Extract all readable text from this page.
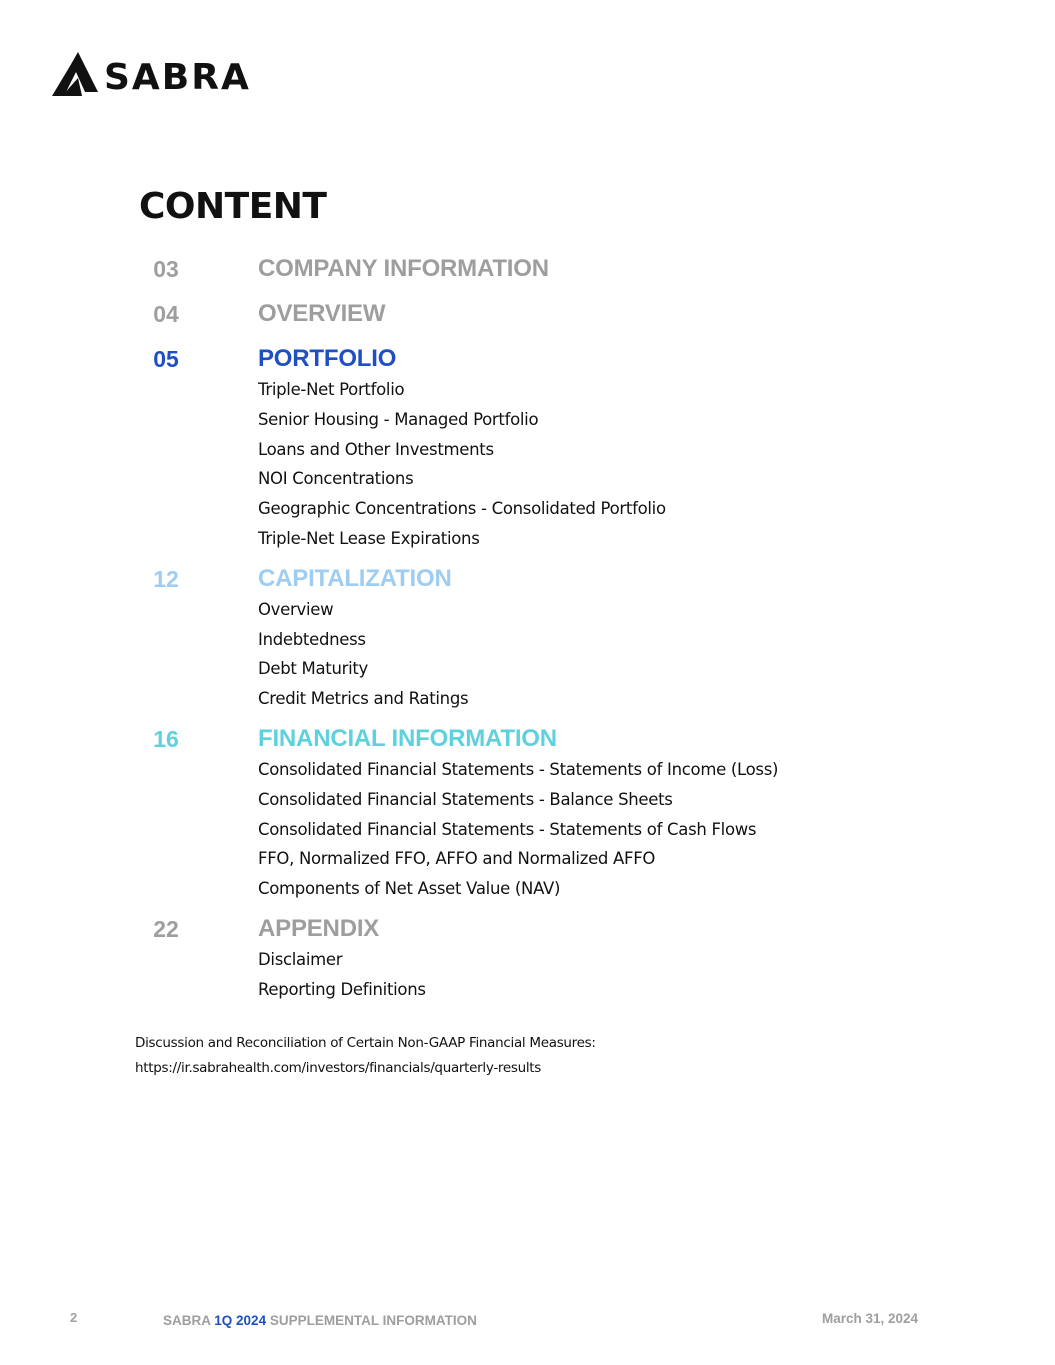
SABRA
CONTENT
03	COMPANY INFORMATION
04	OVERVIEW
05	PORTFOLIO
Triple-Net Portfolio
Senior Housing - Managed Portfolio
Loans and Other Investments
NOI Concentrations
Geographic Concentrations - Consolidated Portfolio
Triple-Net Lease Expirations
12	CAPITALIZATION
Overview
Indebtedness
Debt Maturity
Credit Metrics and Ratings
16	FINANCIAL INFORMATION
Consolidated Financial Statements - Statements of Income (Loss)
Consolidated Financial Statements - Balance Sheets
Consolidated Financial Statements - Statements of Cash Flows
FFO, Normalized FFO, AFFO and Normalized AFFO
Components of Net Asset Value (NAV)
22	APPENDIX
Disclaimer
Reporting Definitions
Discussion and Reconciliation of Certain Non-GAAP Financial Measures:
https://ir.sabrahealth.com/investors/financials/quarterly-results
2	SABRA 1Q 2024 SUPPLEMENTAL INFORMATION	March 31, 2024
